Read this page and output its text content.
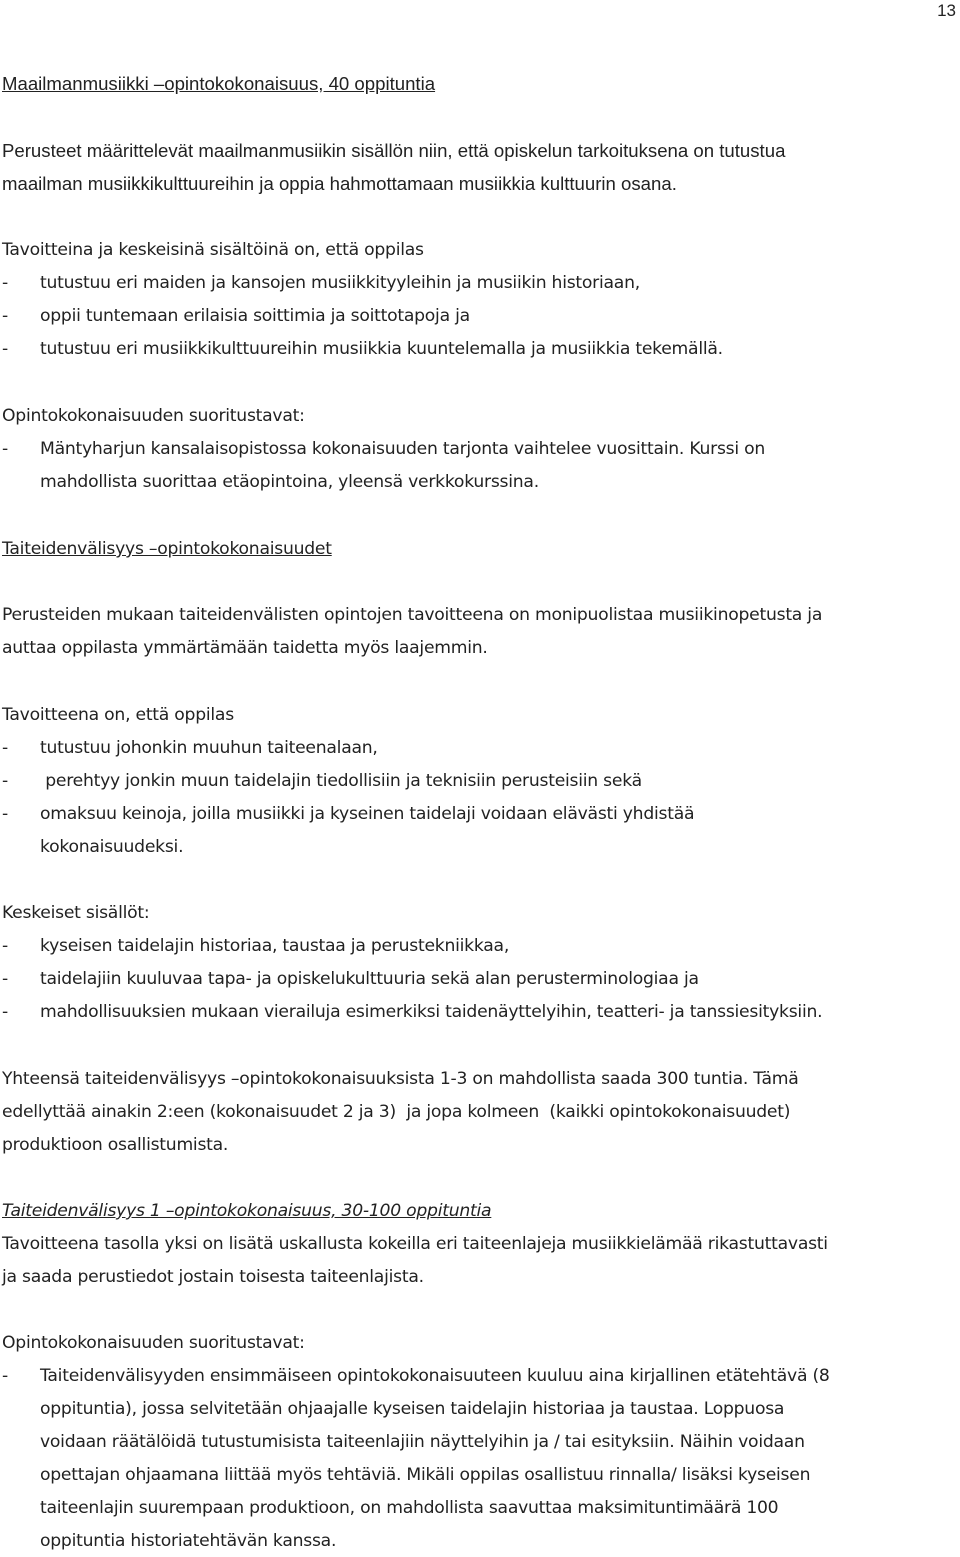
13
Maailmanmusiikki –opintokokonaisuus, 40 oppituntia
Perusteet määrittelevät maailmanmusiikin sisällön niin, että opiskelun tarkoituksena on tutustua
maailman musiikkikulttuureihin ja oppia hahmottamaan musiikkia kulttuurin osana.
Tavoitteina ja keskeisinä sisältöinä on, että oppilas
- tutustuu eri maiden ja kansojen musiikkityyleihin ja musiikin historiaan,
- oppii tuntemaan erilaisia soittimia ja soittotapoja ja
- tutustuu eri musiikkikulttuureihin musiikkia kuuntelemalla ja musiikkia tekemällä.
Opintokokonaisuuden suoritustavat:
- Mäntyharjun kansalaisopistossa kokonaisuuden tarjonta vaihtelee vuosittain. Kurssi on
mahdollista suorittaa etäopintoina, yleensä verkkokurssina.
Taiteidenvälisyys –opintokokonaisuudet
Perusteiden mukaan taiteidenvälisten opintojen tavoitteena on monipuolistaa musiikinopetusta ja
auttaa oppilasta ymmärtämään taidetta myös laajemmin.
Tavoitteena on, että oppilas
- tutustuu johonkin muuhun taiteenalaan,
- perehtyy jonkin muun taidelajin tiedollisiin ja teknisiin perusteisiin sekä
- omaksuu keinoja, joilla musiikki ja kyseinen taidelaji voidaan elävästi yhdistää
kokonaisuudeksi.
Keskeiset sisällöt:
- kyseisen taidelajin historiaa, taustaa ja perustekniikkaa,
- taidelajiin kuuluvaa tapa- ja opiskelukulttuuria sekä alan perusterminologiaa ja
- mahdollisuuksien mukaan vierailuja esimerkiksi taidenäyttelyihin, teatteri- ja tanssiesityksiin.
Yhteensä taiteidenvälisyys –opintokokonaisuuksista 1-3 on mahdollista saada 300 tuntia. Tämä
edellyttää ainakin 2:een (kokonaisuudet 2 ja 3)  ja jopa kolmeen  (kaikki opintokokonaisuudet)
produktioon osallistumista.
Taiteidenvälisyys 1 –opintokokonaisuus, 30-100 oppituntia
Tavoitteena tasolla yksi on lisätä uskallusta kokeilla eri taiteenlajeja musiikkielämää rikastuttavasti
ja saada perustiedot jostain toisesta taiteenlajista.
Opintokokonaisuuden suoritustavat:
- Taiteidenvälisyyden ensimmäiseen opintokokonaisuuteen kuuluu aina kirjallinen etätehtävä (8
oppituntia), jossa selvitetään ohjaajalle kyseisen taidelajin historiaa ja taustaa. Loppuosa
voidaan räätälöidä tutustumisista taiteenlajiin näyttelyihin ja / tai esityksiin. Näihin voidaan
opettajan ohjaamana liittää myös tehtäviä. Mikäli oppilas osallistuu rinnalla/ lisäksi kyseisen
taiteenlajin suurempaan produktioon, on mahdollista saavuttaa maksimituntimäärä 100
oppituntia historiatehtävän kanssa.
